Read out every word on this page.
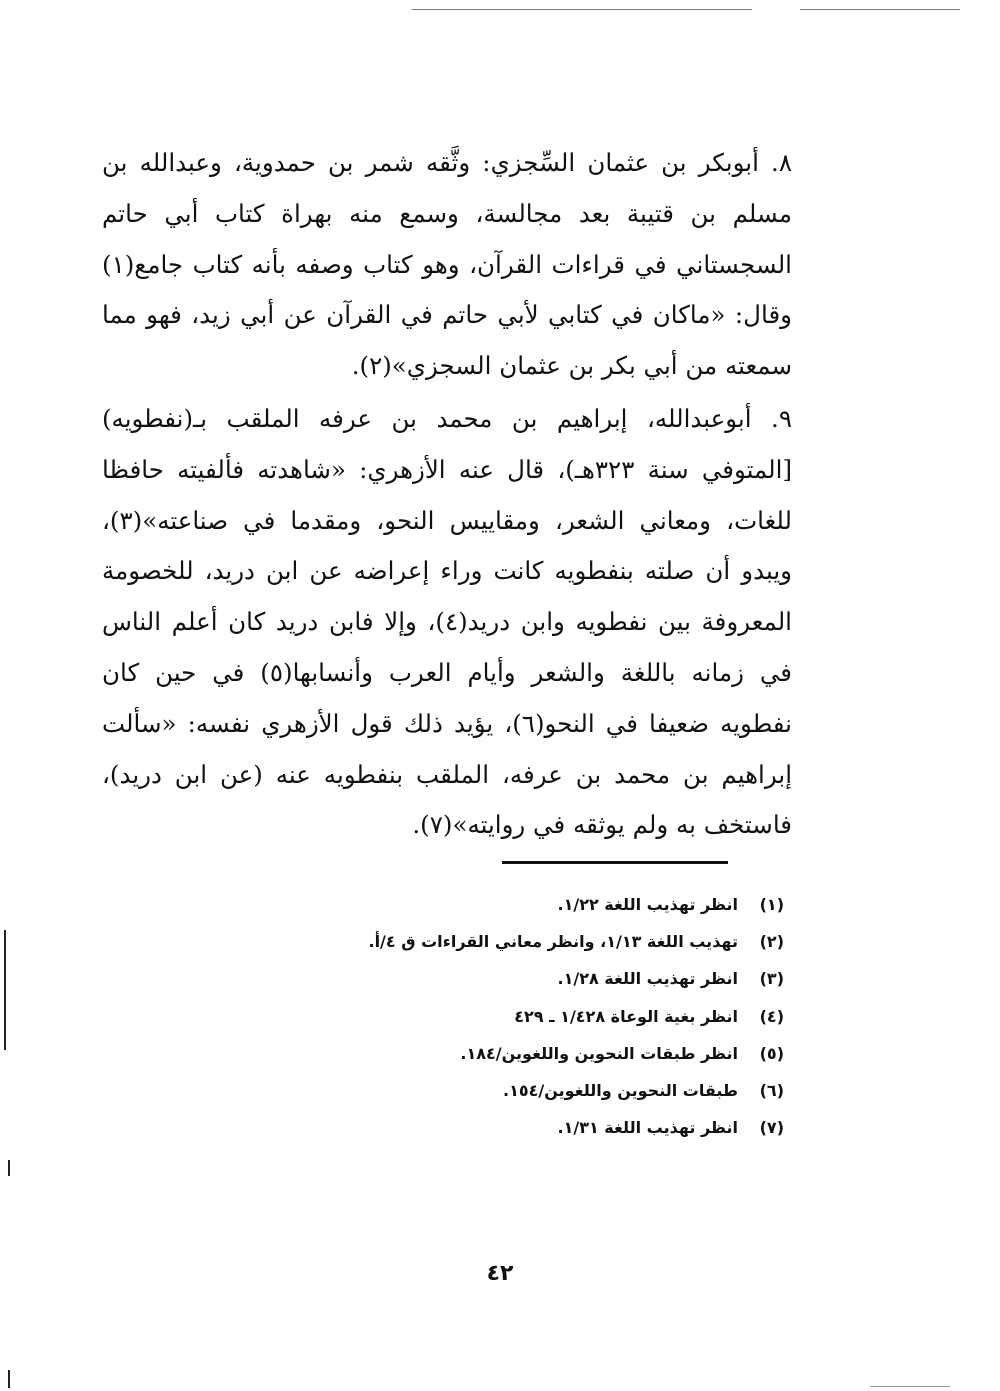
٨. أبوبكر بن عثمان السِّجزي: وثَّقه شمر بن حمدوية، وعبدالله بن مسلم بن قتيبة بعد مجالسة، وسمع منه بهراة كتاب أبي حاتم السجستاني في قراءات القرآن، وهو كتاب وصفه بأنه كتاب جامع(١) وقال: «ماكان في كتابي لأبي حاتم في القرآن عن أبي زيد، فهو مما سمعته من أبي بكر بن عثمان السجزي»(٢).

٩. أبوعبدالله، إبراهيم بن محمد بن عرفه الملقب بـ(نفطويه) [المتوفي سنة ٣٢٣هـ)، قال عنه الأزهري: «شاهدته فألفيته حافظا للغات، ومعاني الشعر، ومقاييس النحو، ومقدما في صناعته»(٣)، ويبدو أن صلته بنفطويه كانت وراء إعراضه عن ابن دريد، للخصومة المعروفة بين نفطويه وابن دريد(٤)، وإلا فابن دريد كان أعلم الناس في زمانه باللغة والشعر وأيام العرب وأنسابها(٥) في حين كان نفطويه ضعيفا في النحو(٦)، يؤيد ذلك قول الأزهري نفسه: «سألت إبراهيم بن محمد بن عرفه، الملقب بنفطويه عنه (عن ابن دريد)، فاستخف به ولم يوثقه في روايته»(٧).

(١)انظر تهذيب اللغة ١/٢٢.
(٢)تهذيب اللغة ١/١٣، وانظر معاني القراءات ق ٤/أ.
(٣)انظر تهذيب اللغة ١/٢٨.
(٤)انظر بغية الوعاة ١/٤٢٨ ـ ٤٢٩
(٥)انظر طبقات النحوين واللغوين/١٨٤.
(٦)طبقات النحوين واللغوين/١٥٤.
(٧)انظر تهذيب اللغة ١/٣١.
٤٢
